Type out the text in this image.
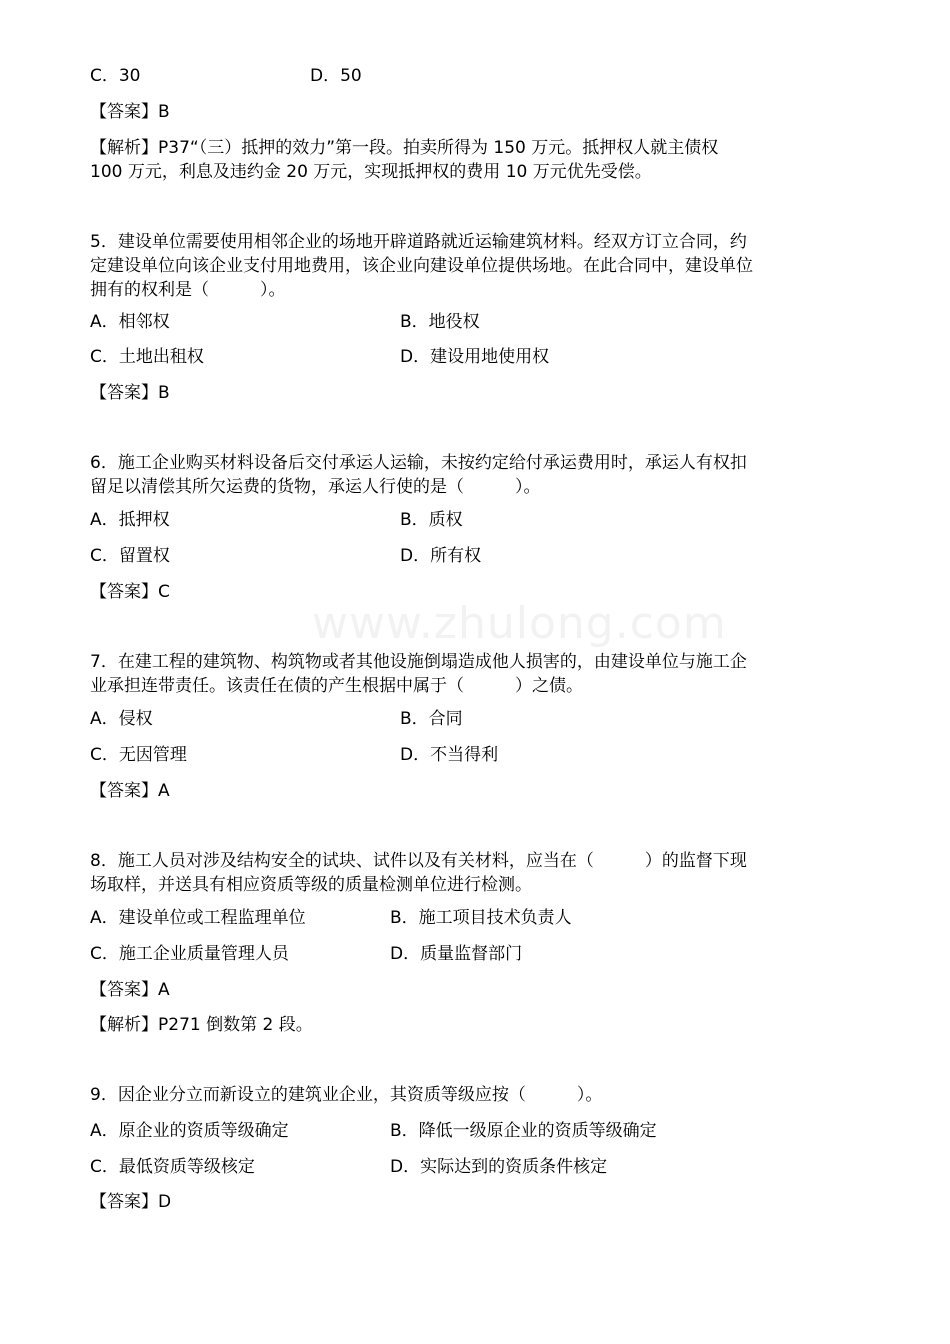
www.zhulong.com
C．30	D．50
【答案】B
【解析】P37“（三）抵押的效力”第一段。拍卖所得为 150 万元。抵押权人就主债权
100 万元，利息及违约金 20 万元，实现抵押权的费用 10 万元优先受偿。
5．建设单位需要使用相邻企业的场地开辟道路就近运输建筑材料。经双方订立合同，约
定建设单位向该企业支付用地费用，该企业向建设单位提供场地。在此合同中，建设单位
拥有的权利是（　　　）。
A．相邻权	B．地役权
C．土地出租权	D．建设用地使用权
【答案】B
6．施工企业购买材料设备后交付承运人运输，未按约定给付承运费用时，承运人有权扣
留足以清偿其所欠运费的货物，承运人行使的是（　　　）。
A．抵押权	B．质权
C．留置权	D．所有权
【答案】C
7．在建工程的建筑物、构筑物或者其他设施倒塌造成他人损害的，由建设单位与施工企
业承担连带责任。该责任在债的产生根据中属于（　　　）之债。
A．侵权	B．合同
C．无因管理	D．不当得利
【答案】A
8．施工人员对涉及结构安全的试块、试件以及有关材料，应当在（　　　）的监督下现
场取样，并送具有相应资质等级的质量检测单位进行检测。
A．建设单位或工程监理单位	B．施工项目技术负责人
C．施工企业质量管理人员	D．质量监督部门
【答案】A
【解析】P271 倒数第 2 段。
9．因企业分立而新设立的建筑业企业，其资质等级应按（　　　）。
A．原企业的资质等级确定	B．降低一级原企业的资质等级确定
C．最低资质等级核定	D．实际达到的资质条件核定
【答案】D
